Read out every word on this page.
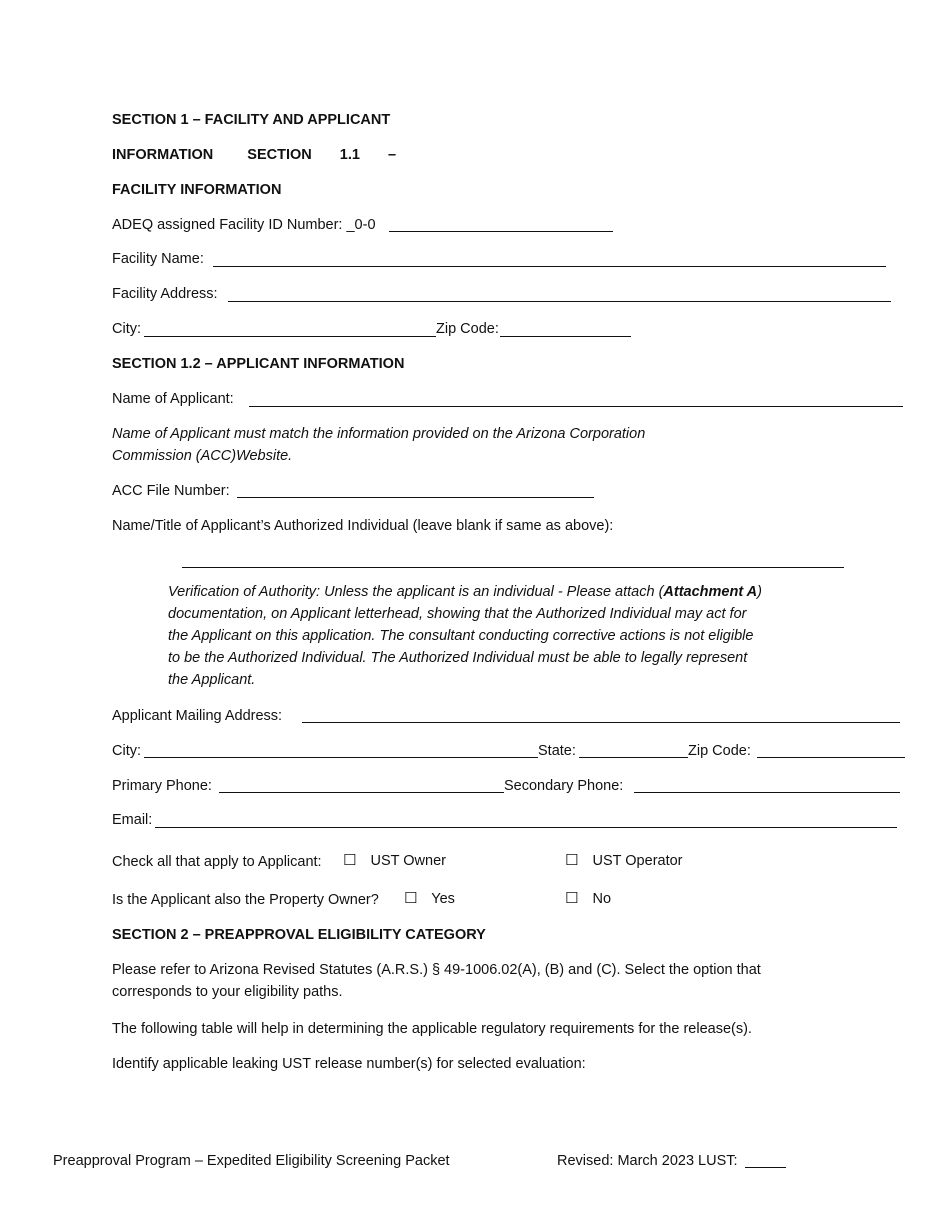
SECTION 1 – FACILITY AND APPLICANT
INFORMATION SECTION 1.1 –
FACILITY INFORMATION
ADEQ assigned Facility ID Number: _0-0
Facility Name:
Facility Address:
City:	Zip Code:
SECTION 1.2 – APPLICANT INFORMATION
Name of Applicant:
Name of Applicant must match the information provided on the Arizona Corporation
Commission (ACC)Website.
ACC File Number:
Name/Title of Applicant’s Authorized Individual (leave blank if same as above):
Verification of Authority: Unless the applicant is an individual - Please attach (Attachment A) documentation, on Applicant letterhead, showing that the Authorized Individual may act for the Applicant on this application. The consultant conducting corrective actions is not eligible to be the Authorized Individual. The Authorized Individual must be able to legally represent the Applicant.
Applicant Mailing Address:
City:	State:	Zip Code:
Primary Phone:	Secondary Phone:
Email:
Check all that apply to Applicant: ☐ UST Owner	☐ UST Operator
Is the Applicant also the Property Owner? ☐ Yes	☐ No
SECTION 2 – PREAPPROVAL ELIGIBILITY CATEGORY
Please refer to Arizona Revised Statutes (A.R.S.) § 49-1006.02(A), (B) and (C). Select the option that
corresponds to your eligibility paths.
The following table will help in determining the applicable regulatory requirements for the release(s).
Identify applicable leaking UST release number(s) for selected evaluation:
Preapproval Program – Expedited Eligibility Screening Packet	Revised: March 2023 LUST:
